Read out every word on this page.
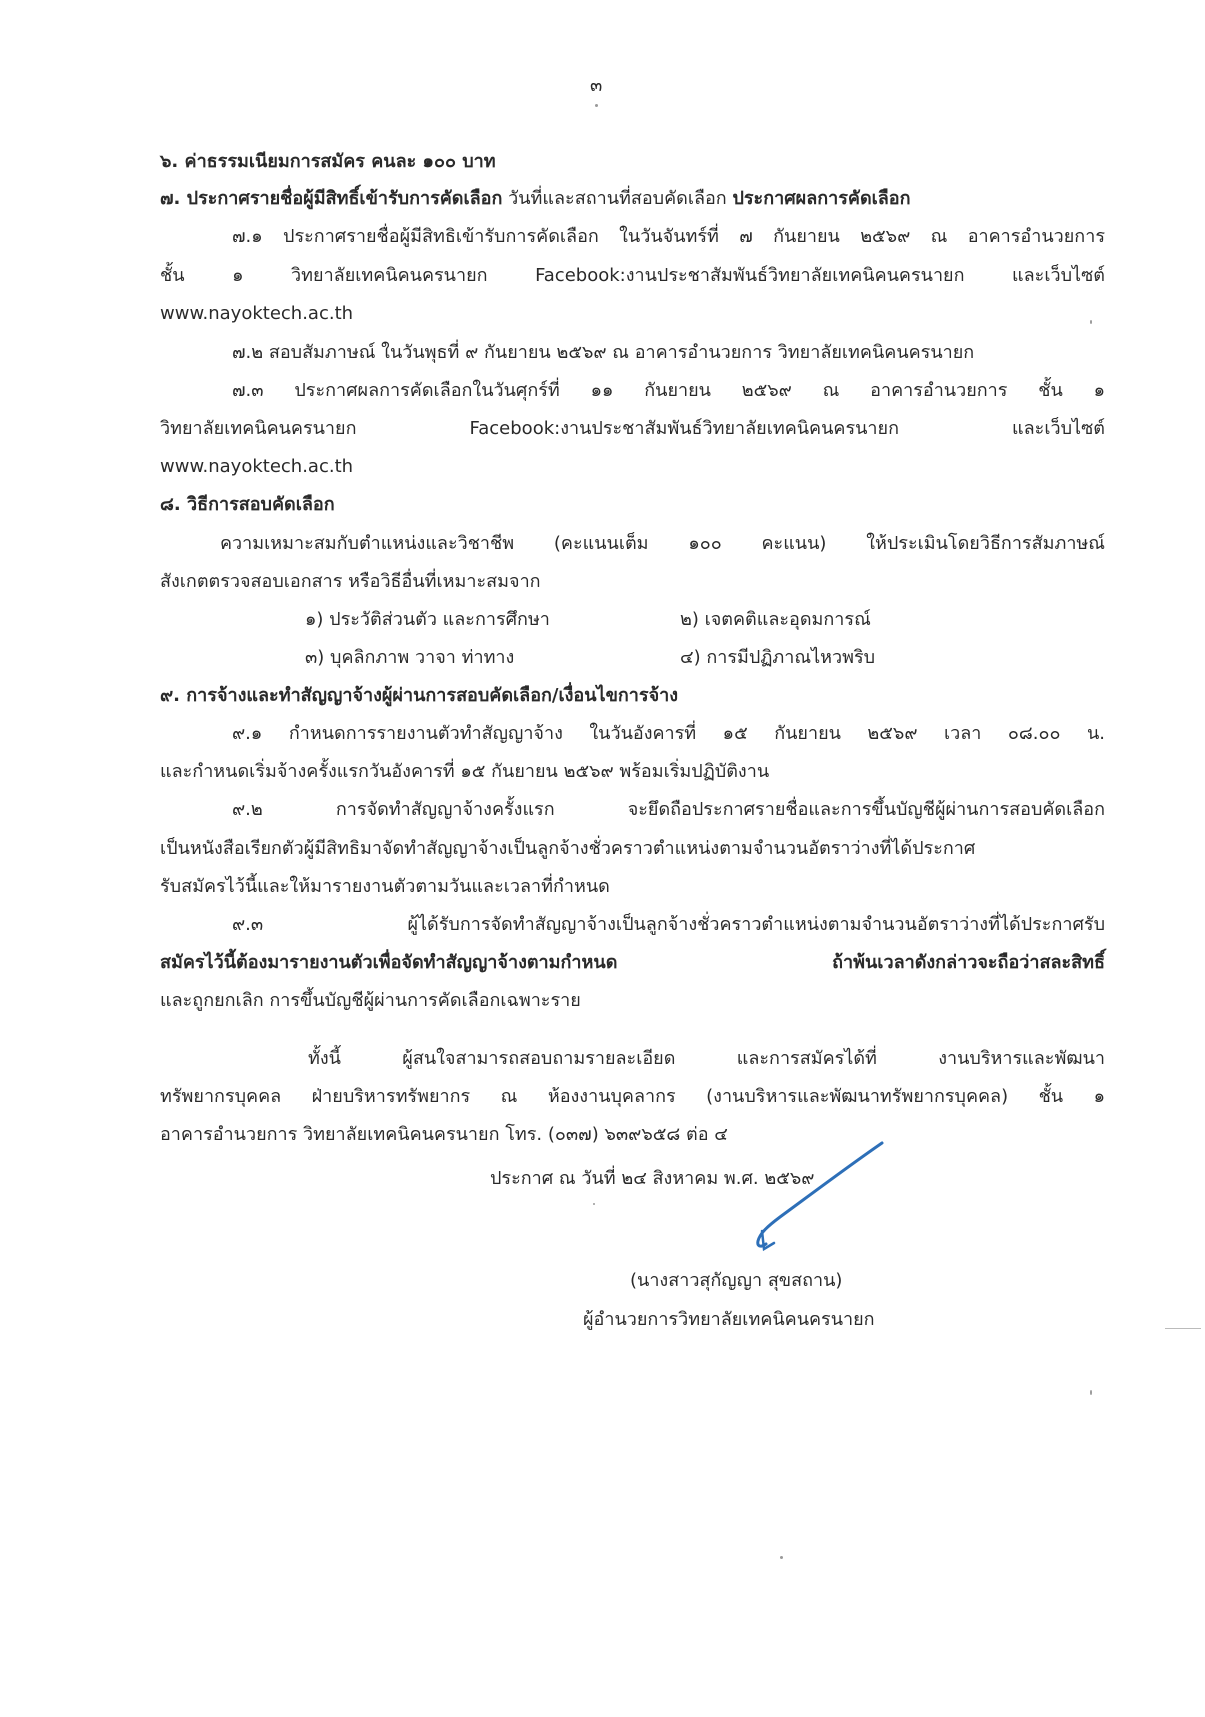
๓
๖. ค่าธรรมเนียมการสมัคร คนละ ๑๐๐ บาท
๗. ประกาศรายชื่อผู้มีสิทธิ์เข้ารับการคัดเลือก วันที่และสถานที่สอบคัดเลือก ประกาศผลการคัดเลือก
๗.๑ ประกาศรายชื่อผู้มีสิทธิเข้ารับการคัดเลือก ในวันจันทร์ที่ ๗ กันยายน ๒๕๖๙ ณ อาคารอำนวยการ
ชั้น ๑ วิทยาลัยเทคนิคนครนายก Facebook:งานประชาสัมพันธ์วิทยาลัยเทคนิคนครนายก และเว็บไซต์
www.nayoktech.ac.th
๗.๒ สอบสัมภาษณ์ ในวันพุธที่ ๙ กันยายน ๒๕๖๙ ณ อาคารอำนวยการ วิทยาลัยเทคนิคนครนายก
๗.๓ ประกาศผลการคัดเลือกในวันศุกร์ที่ ๑๑ กันยายน ๒๕๖๙ ณ อาคารอำนวยการ ชั้น ๑
วิทยาลัยเทคนิคนครนายก Facebook:งานประชาสัมพันธ์วิทยาลัยเทคนิคนครนายก และเว็บไซต์
www.nayoktech.ac.th
๘. วิธีการสอบคัดเลือก
ความเหมาะสมกับตำแหน่งและวิชาชีพ (คะแนนเต็ม ๑๐๐ คะแนน) ให้ประเมินโดยวิธีการสัมภาษณ์
สังเกตตรวจสอบเอกสาร หรือวิธีอื่นที่เหมาะสมจาก
๑) ประวัติส่วนตัว และการศึกษา	๒) เจตคติและอุดมการณ์
๓) บุคลิกภาพ วาจา ท่าทาง	๔) การมีปฏิภาณไหวพริบ
๙. การจ้างและทำสัญญาจ้างผู้ผ่านการสอบคัดเลือก/เงื่อนไขการจ้าง
๙.๑ กำหนดการรายงานตัวทำสัญญาจ้าง ในวันอังคารที่ ๑๕ กันยายน ๒๕๖๙ เวลา ๐๘.๐๐ น.
และกำหนดเริ่มจ้างครั้งแรกวันอังคารที่ ๑๕ กันยายน ๒๕๖๙ พร้อมเริ่มปฏิบัติงาน
๙.๒ การจัดทำสัญญาจ้างครั้งแรก จะยึดถือประกาศรายชื่อและการขึ้นบัญชีผู้ผ่านการสอบคัดเลือก
เป็นหนังสือเรียกตัวผู้มีสิทธิมาจัดทำสัญญาจ้างเป็นลูกจ้างชั่วคราวตำแหน่งตามจำนวนอัตราว่างที่ได้ประกาศ
รับสมัครไว้นี้และให้มารายงานตัวตามวันและเวลาที่กำหนด
๙.๓ ผู้ได้รับการจัดทำสัญญาจ้างเป็นลูกจ้างชั่วคราวตำแหน่งตามจำนวนอัตราว่างที่ได้ประกาศรับ
สมัครไว้นี้ต้องมารายงานตัวเพื่อจัดทำสัญญาจ้างตามกำหนด ถ้าพ้นเวลาดังกล่าวจะถือว่าสละสิทธิ์
และถูกยกเลิก การขึ้นบัญชีผู้ผ่านการคัดเลือกเฉพาะราย
ทั้งนี้ ผู้สนใจสามารถสอบถามรายละเอียด และการสมัครได้ที่ งานบริหารและพัฒนา
ทรัพยากรบุคคล ฝ่ายบริหารทรัพยากร ณ ห้องงานบุคลากร (งานบริหารและพัฒนาทรัพยากรบุคคล) ชั้น ๑
อาคารอำนวยการ วิทยาลัยเทคนิคนครนายก โทร. (๐๓๗) ๖๓๙๖๕๘ ต่อ ๔
ประกาศ ณ วันที่ ๒๔ สิงหาคม พ.ศ. ๒๕๖๙
(นางสาวสุกัญญา สุขสถาน)
ผู้อำนวยการวิทยาลัยเทคนิคนครนายก
